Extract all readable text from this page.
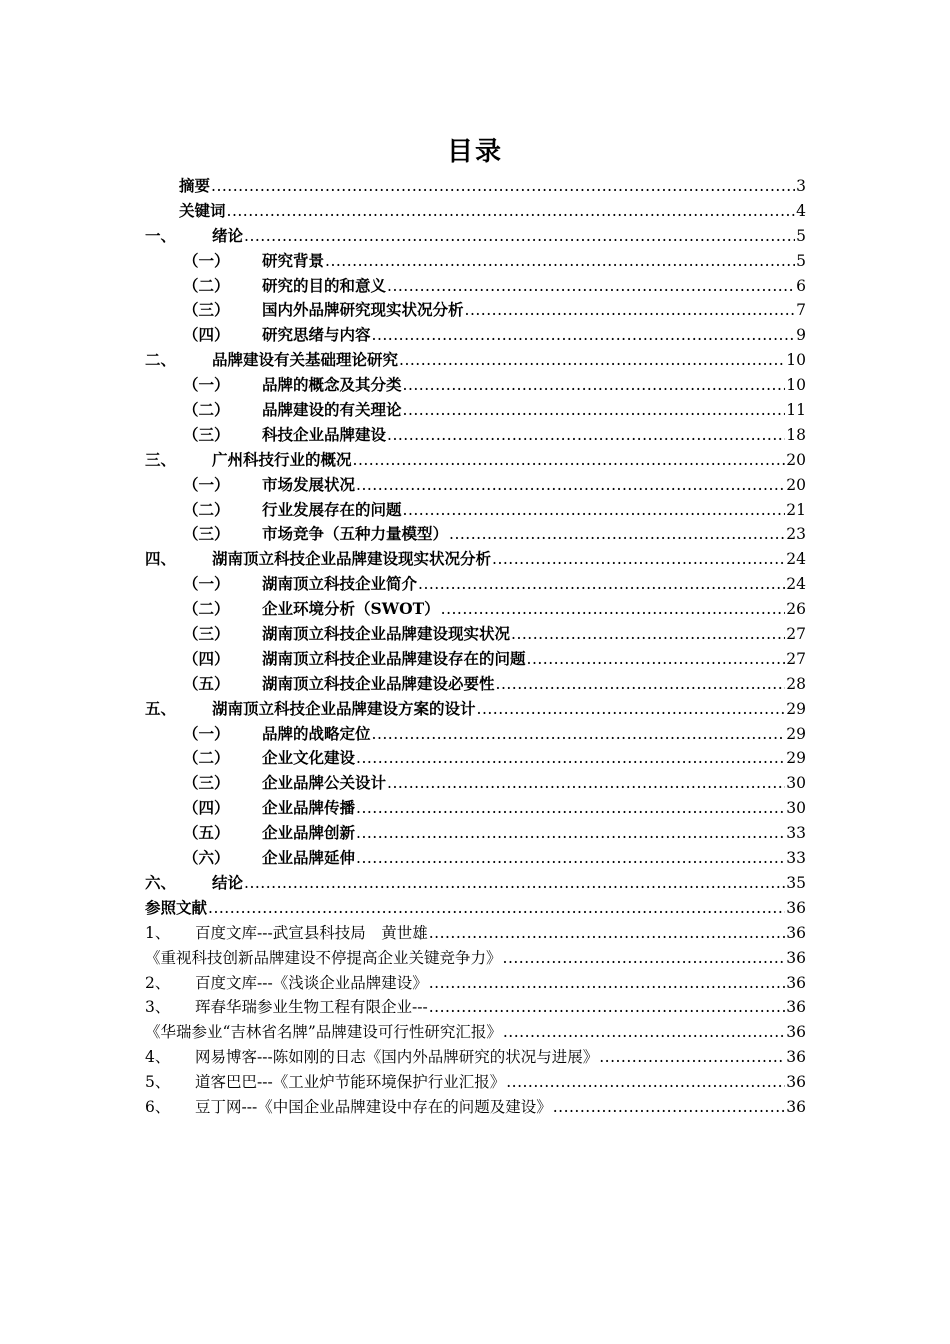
目录
摘要 .....	3
关键词 .....	4
一、	绪论 .....	5
（一）	研究背景 .....	5
（二）	研究的目的和意义 .....	6
（三）	国内外品牌研究现实状况分析 .....	7
（四）	研究思绪与内容 .....	9
二、	品牌建设有关基础理论研究 .....	10
（一）	品牌的概念及其分类 .....	10
（二）	品牌建设的有关理论 .....	11
（三）	科技企业品牌建设 .....	18
三、	广州科技行业的概况 .....	20
（一）	市场发展状况 .....	20
（二）	行业发展存在的问题 .....	21
（三）	市场竞争（五种力量模型） .....	23
四、	湖南顶立科技企业品牌建设现实状况分析 .....	24
（一）	湖南顶立科技企业简介 .....	24
（二）	企业环境分析（SWOT） .....	26
（三）	湖南顶立科技企业品牌建设现实状况 .....	27
（四）	湖南顶立科技企业品牌建设存在的问题 .....	27
（五）	湖南顶立科技企业品牌建设必要性 .....	28
五、	湖南顶立科技企业品牌建设方案的设计 .....	29
（一）	品牌的战略定位 .....	29
（二）	企业文化建设 .....	29
（三）	企业品牌公关设计 .....	30
（四）	企业品牌传播 .....	30
（五）	企业品牌创新 .....	33
（六）	企业品牌延伸 .....	33
六、	结论 .....	35
参照文献 .....	36
1、	百度文库---武宣县科技局　黄世雄 .....	36
《重视科技创新品牌建设不停提高企业关键竞争力》 .....	36
2、	百度文库---《浅谈企业品牌建设》 .....	36
3、	珲春华瑞参业生物工程有限企业--- .....	36
《华瑞参业“吉林省名牌”品牌建设可行性研究汇报》 .....	36
4、	网易博客---陈如刚的日志《国内外品牌研究的状况与进展》 .....	36
5、	道客巴巴---《工业炉节能环境保护行业汇报》 .....	36
6、	豆丁网---《中国企业品牌建设中存在的问题及建设》 .....	36
